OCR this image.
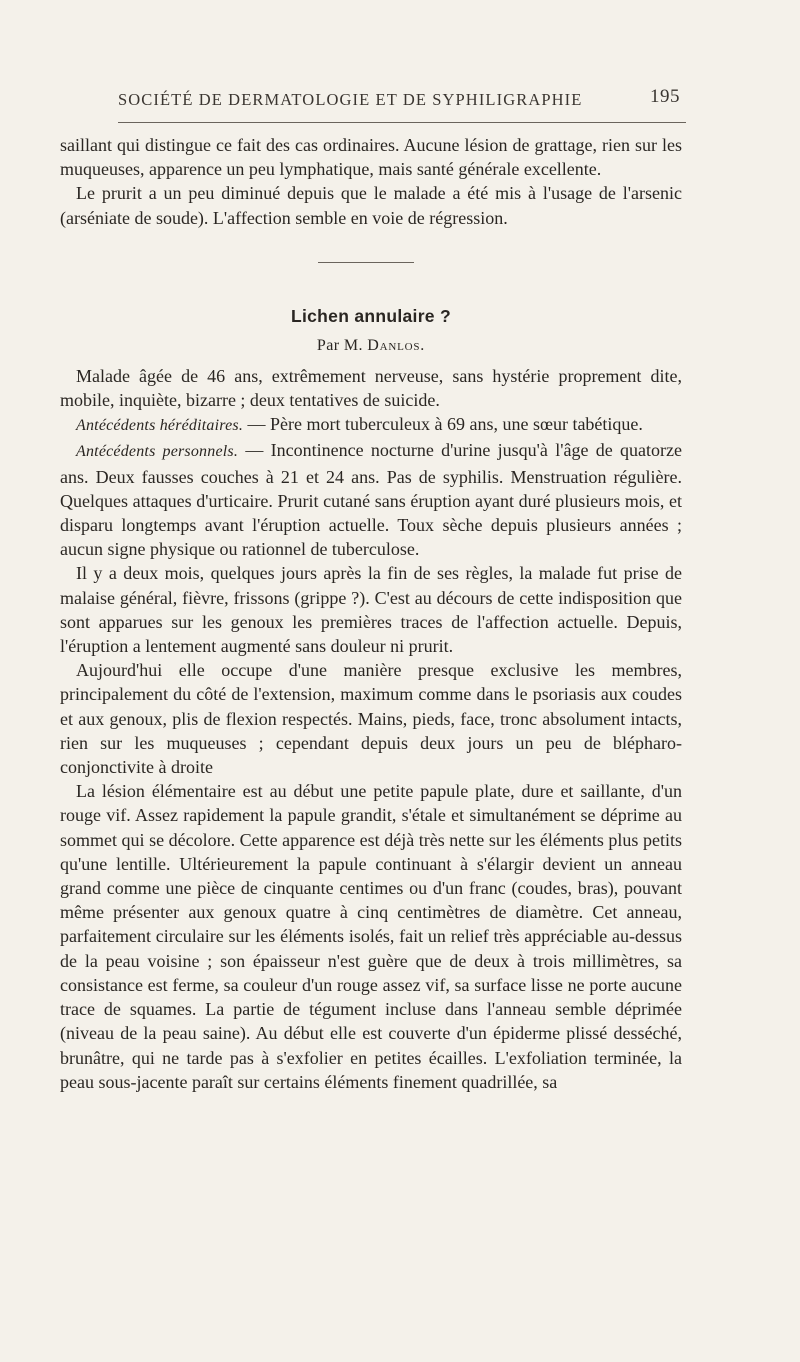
SOCIÉTÉ DE DERMATOLOGIE ET DE SYPHILIGRAPHIE	195

saillant qui distingue ce fait des cas ordinaires. Aucune lésion de grattage, rien sur les muqueuses, apparence un peu lymphatique, mais santé générale excellente.

Le prurit a un peu diminué depuis que le malade a été mis à l'usage de l'arsenic (arséniate de soude). L'affection semble en voie de régression.

Lichen annulaire ?
Par M. Danlos.

Malade âgée de 46 ans, extrêmement nerveuse, sans hystérie proprement dite, mobile, inquiète, bizarre ; deux tentatives de suicide.

Antécédents héréditaires. — Père mort tuberculeux à 69 ans, une sœur tabétique.

Antécédents personnels. — Incontinence nocturne d'urine jusqu'à l'âge de quatorze ans. Deux fausses couches à 21 et 24 ans. Pas de syphilis. Menstruation régulière. Quelques attaques d'urticaire. Prurit cutané sans éruption ayant duré plusieurs mois, et disparu longtemps avant l'éruption actuelle. Toux sèche depuis plusieurs années ; aucun signe physique ou rationnel de tuberculose.

Il y a deux mois, quelques jours après la fin de ses règles, la malade fut prise de malaise général, fièvre, frissons (grippe ?). C'est au décours de cette indisposition que sont apparues sur les genoux les premières traces de l'affection actuelle. Depuis, l'éruption a lentement augmenté sans douleur ni prurit.

Aujourd'hui elle occupe d'une manière presque exclusive les membres, principalement du côté de l'extension, maximum comme dans le psoriasis aux coudes et aux genoux, plis de flexion respectés. Mains, pieds, face, tronc absolument intacts, rien sur les muqueuses ; cependant depuis deux jours un peu de blépharo-conjonctivite à droite

La lésion élémentaire est au début une petite papule plate, dure et saillante, d'un rouge vif. Assez rapidement la papule grandit, s'étale et simultanément se déprime au sommet qui se décolore. Cette apparence est déjà très nette sur les éléments plus petits qu'une lentille. Ultérieurement la papule continuant à s'élargir devient un anneau grand comme une pièce de cinquante centimes ou d'un franc (coudes, bras), pouvant même présenter aux genoux quatre à cinq centimètres de diamètre. Cet anneau, parfaitement circulaire sur les éléments isolés, fait un relief très appréciable au-dessus de la peau voisine ; son épaisseur n'est guère que de deux à trois millimètres, sa consistance est ferme, sa couleur d'un rouge assez vif, sa surface lisse ne porte aucune trace de squames. La partie de tégument incluse dans l'anneau semble déprimée (niveau de la peau saine). Au début elle est couverte d'un épiderme plissé desséché, brunâtre, qui ne tarde pas à s'exfolier en petites écailles. L'exfoliation terminée, la peau sous-jacente paraît sur certains éléments finement quadrillée, sa
